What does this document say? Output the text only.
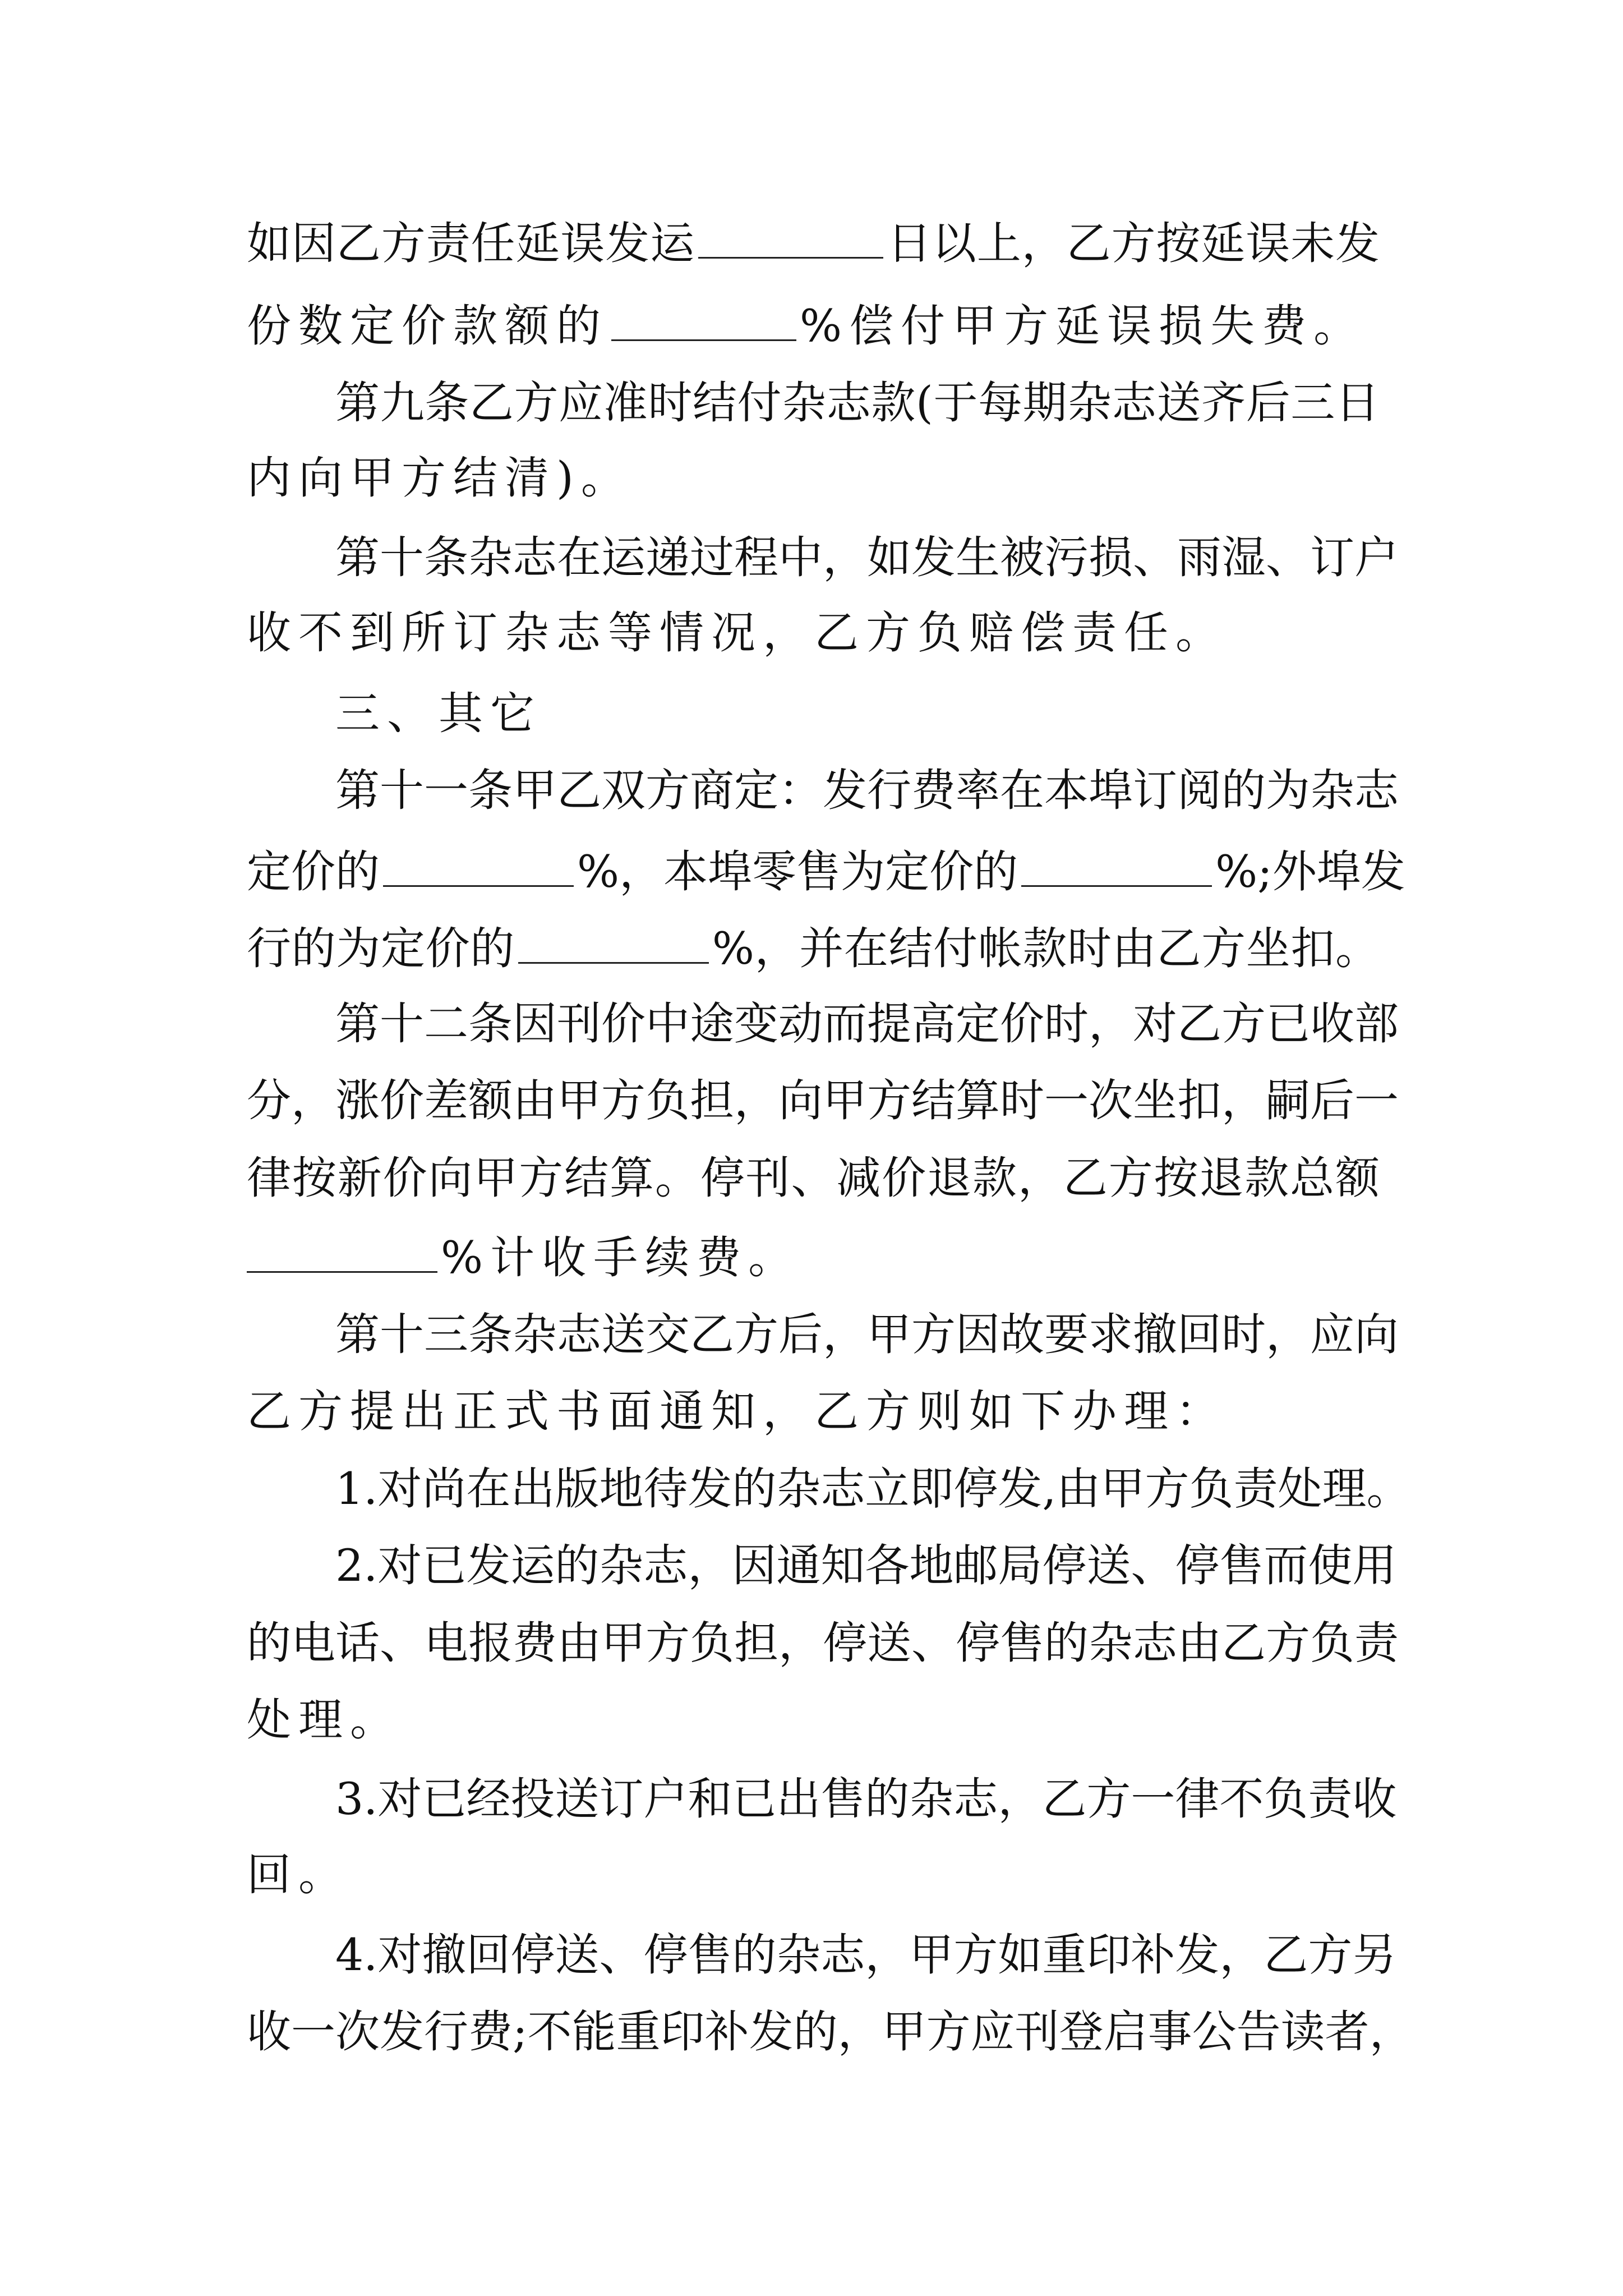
如因乙方责任延误发运	日以上，乙方按延误未发
份数定价款额的	%偿付甲方延误损失费。
第九条乙方应准时结付杂志款(于每期杂志送齐后三日
内向甲方结清)。
第十条杂志在运递过程中，如发生被污损、雨湿、订户
收不到所订杂志等情况，乙方负赔偿责任。
三、其它
第十一条甲乙双方商定：发行费率在本埠订阅的为杂志
定价的	%，本埠零售为定价的	%;外埠发
行的为定价的	%，并在结付帐款时由乙方坐扣。
第十二条因刊价中途变动而提高定价时，对乙方已收部
分，涨价差额由甲方负担，向甲方结算时一次坐扣，嗣后一
律按新价向甲方结算。停刊、减价退款，乙方按退款总额
%计收手续费。
第十三条杂志送交乙方后，甲方因故要求撤回时，应向
乙方提出正式书面通知，乙方则如下办理：
1.对尚在出版地待发的杂志立即停发,由甲方负责处理。
2.对已发运的杂志，因通知各地邮局停送、停售而使用
的电话、电报费由甲方负担，停送、停售的杂志由乙方负责
处理。
3.对已经投送订户和已出售的杂志，乙方一律不负责收
回。
4.对撤回停送、停售的杂志，甲方如重印补发，乙方另
收一次发行费;不能重印补发的，甲方应刊登启事公告读者，
